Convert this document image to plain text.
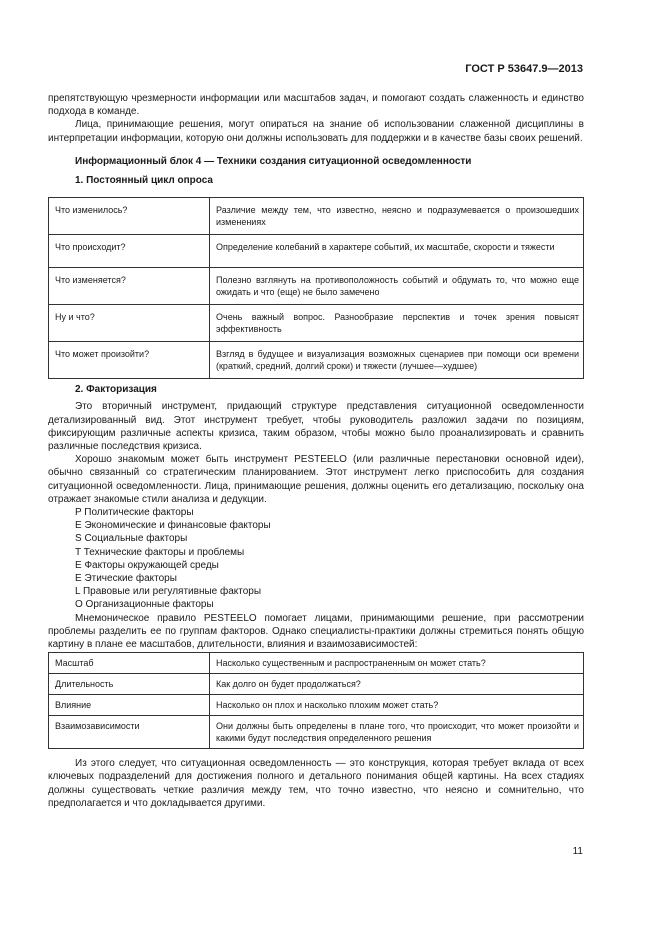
ГОСТ Р 53647.9—2013

препятствующую чрезмерности информации или масштабов задач, и помогают создать слаженность и единство подхода в команде.

Лица, принимающие решения, могут опираться на знание об использовании слаженной дисциплины в интерпретации информации, которую они должны использовать для поддержки и в качестве базы своих решений.

Информационный блок 4 — Техники создания ситуационной осведомленности

1. Постоянный цикл опроса

Что изменилось?	Различие между тем, что известно, неясно и подразумевается о произошедших изменениях
Что происходит?	Определение колебаний в характере событий, их масштабе, скорости и тяжести
Что изменяется?	Полезно взглянуть на противоположность событий и обдумать то, что можно еще ожидать и что (еще) не было замечено
Ну и что?	Очень важный вопрос. Разнообразие перспектив и точек зрения повысят эффективность
Что может произойти?	Взгляд в будущее и визуализация возможных сценариев при помощи оси времени (краткий, средний, долгий сроки) и тяжести (лучшее—худшее)

2. Факторизация

Это вторичный инструмент, придающий структуре представления ситуационной осведомленности детализированный вид. Этот инструмент требует, чтобы руководитель разложил задачи по позициям, фиксирующим различные аспекты кризиса, таким образом, чтобы можно было проанализировать и сравнить различные последствия кризиса.

Хорошо знакомым может быть инструмент PESTEELO (или различные перестановки основной идеи), обычно связанный со стратегическим планированием. Этот инструмент легко приспособить для создания ситуационной осведомленности. Лица, принимающие решения, должны оценить его детализацию, поскольку она отражает знакомые стили анализа и дедукции.

P Политические факторы
E Экономические и финансовые факторы
S Социальные факторы
T Технические факторы и проблемы
E Факторы окружающей среды
E Этические факторы
L Правовые или регулятивные факторы
O Организационные факторы

Мнемоническое правило PESTEELO помогает лицами, принимающими решение, при рассмотрении проблемы разделить ее по группам факторов. Однако специалисты-практики должны стремиться понять общую картину в плане ее масштабов, длительности, влияния и взаимозависимостей:

Масштаб	Насколько существенным и распространенным он может стать?
Длительность	Как долго он будет продолжаться?
Влияние	Насколько он плох и насколько плохим может стать?
Взаимозависимости	Они должны быть определены в плане того, что происходит, что может произойти и какими будут последствия определенного решения

Из этого следует, что ситуационная осведомленность — это конструкция, которая требует вклада от всех ключевых подразделений для достижения полного и детального понимания общей картины. На всех стадиях должны существовать четкие различия между тем, что точно известно, что неясно и сомнительно, что предполагается и что докладывается другими.

11
